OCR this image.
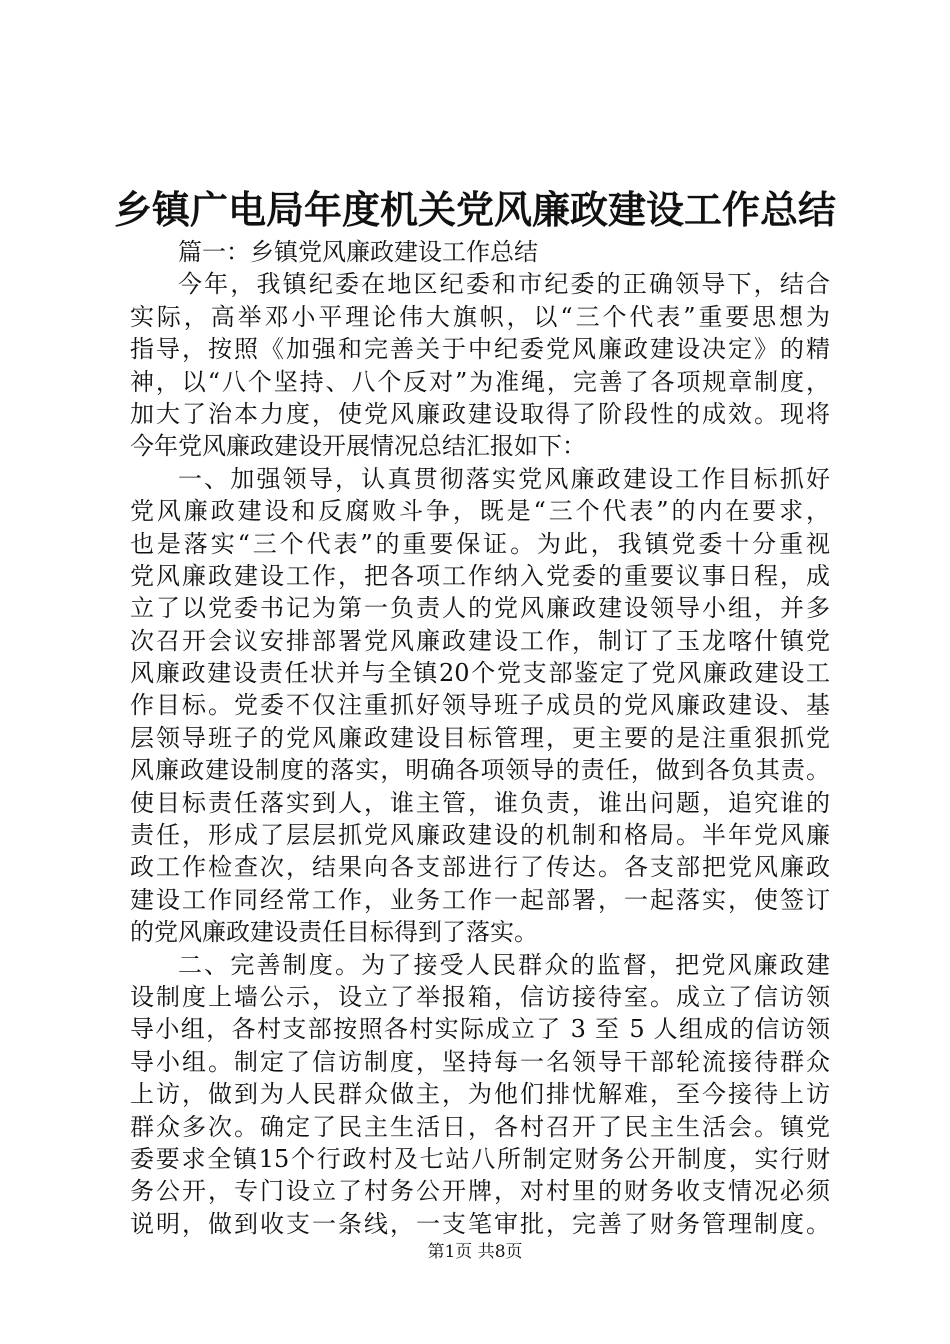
乡镇广电局年度机关党风廉政建设工作总结
篇一：乡镇党风廉政建设工作总结
今年，我镇纪委在地区纪委和市纪委的正确领导下，结合
实际，高举邓小平理论伟大旗帜，以“三个代表”重要思想为
指导，按照《加强和完善关于中纪委党风廉政建设决定》的精
神，以“八个坚持、八个反对”为准绳，完善了各项规章制度，
加大了治本力度，使党风廉政建设取得了阶段性的成效。现将
今年党风廉政建设开展情况总结汇报如下：
一、加强领导，认真贯彻落实党风廉政建设工作目标抓好
党风廉政建设和反腐败斗争，既是“三个代表”的内在要求，
也是落实“三个代表”的重要保证。为此，我镇党委十分重视
党风廉政建设工作，把各项工作纳入党委的重要议事日程，成
立了以党委书记为第一负责人的党风廉政建设领导小组，并多
次召开会议安排部署党风廉政建设工作，制订了玉龙喀什镇党
风廉政建设责任状并与全镇20个党支部鉴定了党风廉政建设工
作目标。党委不仅注重抓好领导班子成员的党风廉政建设、基
层领导班子的党风廉政建设目标管理，更主要的是注重狠抓党
风廉政建设制度的落实，明确各项领导的责任，做到各负其责。
使目标责任落实到人，谁主管，谁负责，谁出问题，追究谁的
责任，形成了层层抓党风廉政建设的机制和格局。半年党风廉
政工作检查次，结果向各支部进行了传达。各支部把党风廉政
建设工作同经常工作，业务工作一起部署，一起落实，使签订
的党风廉政建设责任目标得到了落实。
二、完善制度。为了接受人民群众的监督，把党风廉政建
设制度上墙公示，设立了举报箱，信访接待室。成立了信访领
导小组，各村支部按照各村实际成立了 3 至 5 人组成的信访领
导小组。制定了信访制度，坚持每一名领导干部轮流接待群众
上访，做到为人民群众做主，为他们排忧解难，至今接待上访
群众多次。确定了民主生活日，各村召开了民主生活会。镇党
委要求全镇15个行政村及七站八所制定财务公开制度，实行财
务公开，专门设立了村务公开牌，对村里的财务收支情况必须
说明，做到收支一条线，一支笔审批，完善了财务管理制度。
第1页 共8页
